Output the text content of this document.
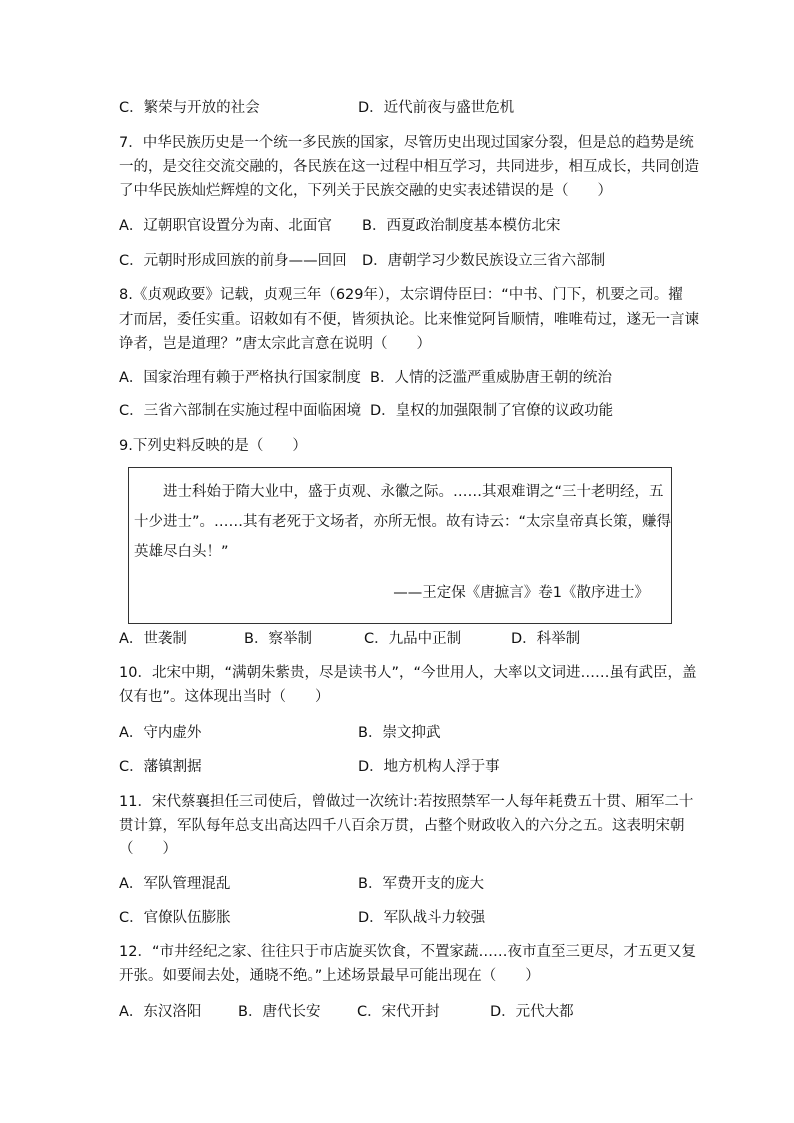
C．繁荣与开放的社会	D．近代前夜与盛世危机
7．中华民族历史是一个统一多民族的国家，尽管历史出现过国家分裂，但是总的趋势是统
一的，是交往交流交融的，各民族在这一过程中相互学习，共同进步，相互成长，共同创造
了中华民族灿烂辉煌的文化，下列关于民族交融的史实表述错误的是（　　）
A．辽朝职官设置分为南、北面官 B．西夏政治制度基本模仿北宋
C．元朝时形成回族的前身——回回 D．唐朝学习少数民族设立三省六部制
8.《贞观政要》记载，贞观三年（629年），太宗谓侍臣曰：“中书、门下，机要之司。擢
才而居，委任实重。诏敕如有不便，皆须执论。比来惟觉阿旨顺情，唯唯苟过，遂无一言谏
诤者，岂是道理？”唐太宗此言意在说明（　　）
A．国家治理有赖于严格执行国家制度 B．人情的泛滥严重威胁唐王朝的统治
C．三省六部制在实施过程中面临困境 D．皇权的加强限制了官僚的议政功能
9.下列史料反映的是（　　）
进士科始于隋大业中，盛于贞观、永徽之际。……其艰难谓之“三十老明经，五
十少进士”。……其有老死于文场者，亦所无恨。故有诗云：“太宗皇帝真长策，赚得
英雄尽白头！”
——王定保《唐摭言》卷1《散序进士》
A．世袭制	B．察举制	C．九品中正制	D．科举制
10．北宋中期，“满朝朱紫贵，尽是读书人”，“今世用人，大率以文词进……虽有武臣，盖
仅有也”。这体现出当时（　　）
A．守内虚外	B．崇文抑武
C．藩镇割据	D．地方机构人浮于事
11．宋代蔡襄担任三司使后，曾做过一次统计:若按照禁军一人每年耗费五十贯、厢军二十
贯计算，军队每年总支出高达四千八百余万贯，占整个财政收入的六分之五。这表明宋朝
（　　）
A．军队管理混乱	B．军费开支的庞大
C．官僚队伍膨胀	D．军队战斗力较强
12．“市井经纪之家、往往只于市店旋买饮食，不置家蔬……夜市直至三更尽，才五更又复
开张。如要闹去处，通晓不绝。”上述场景最早可能出现在（　　）
A．东汉洛阳	B．唐代长安	C．宋代开封	D．元代大都
